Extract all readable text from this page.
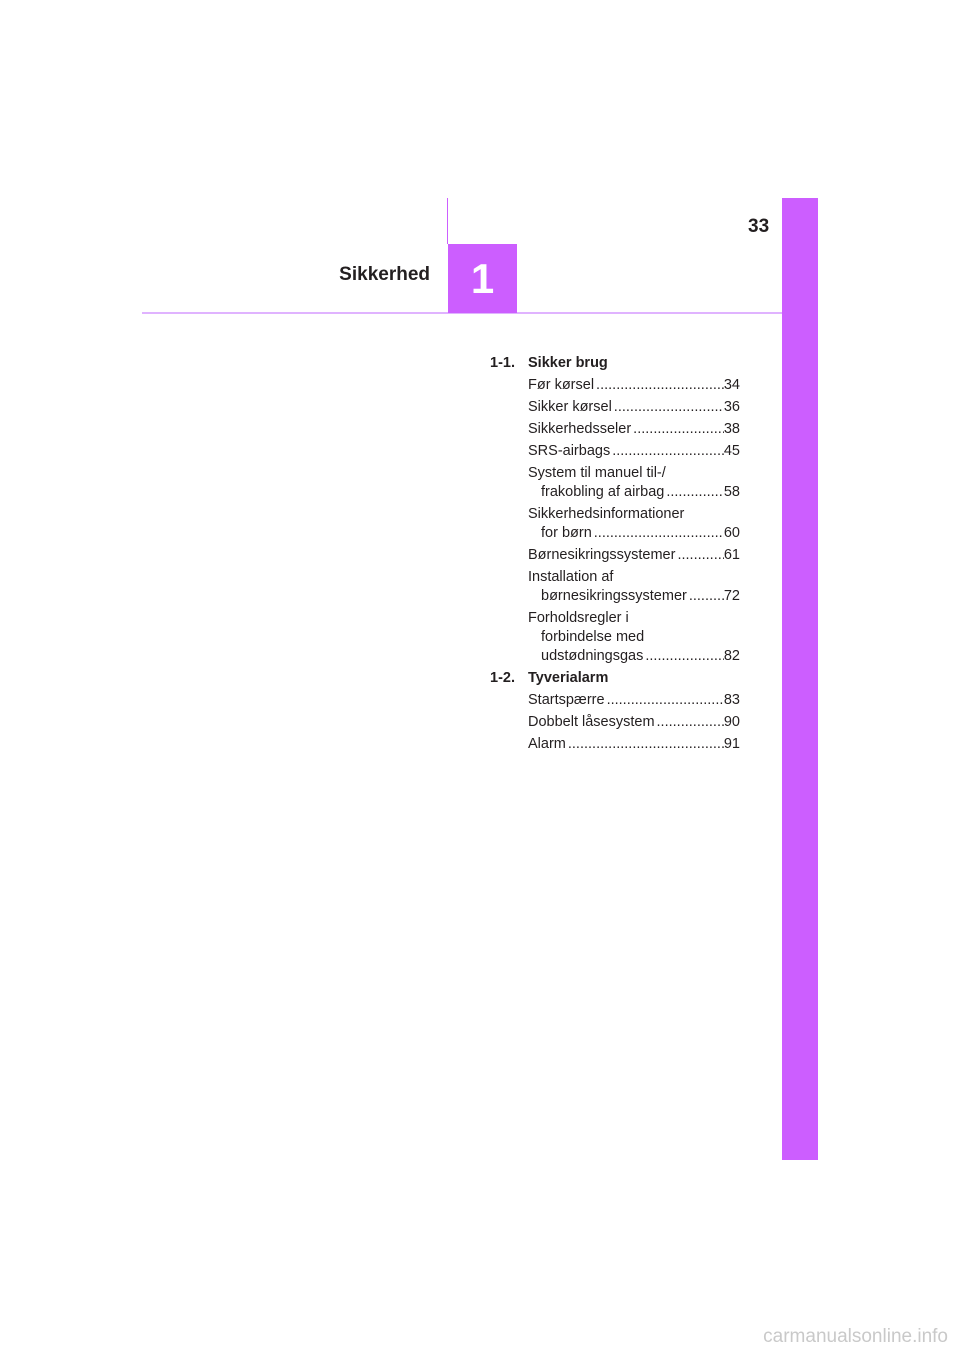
1
Sikkerhed
33
1-1. Sikker brug
Før kørsel .....	34
Sikker kørsel .....	36
Sikkerhedsseler .....	38
SRS-airbags .....	45
System til manuel til-/
frakobling af airbag .....	58
Sikkerhedsinformationer
for børn .....	60
Børnesikringssystemer .....	61
Installation af
børnesikringssystemer .....	72
Forholdsregler i
forbindelse med
udstødningsgas .....	82
1-2. Tyverialarm
Startspærre .....	83
Dobbelt låsesystem .....	90
Alarm .....	91
carmanualsonline.info
